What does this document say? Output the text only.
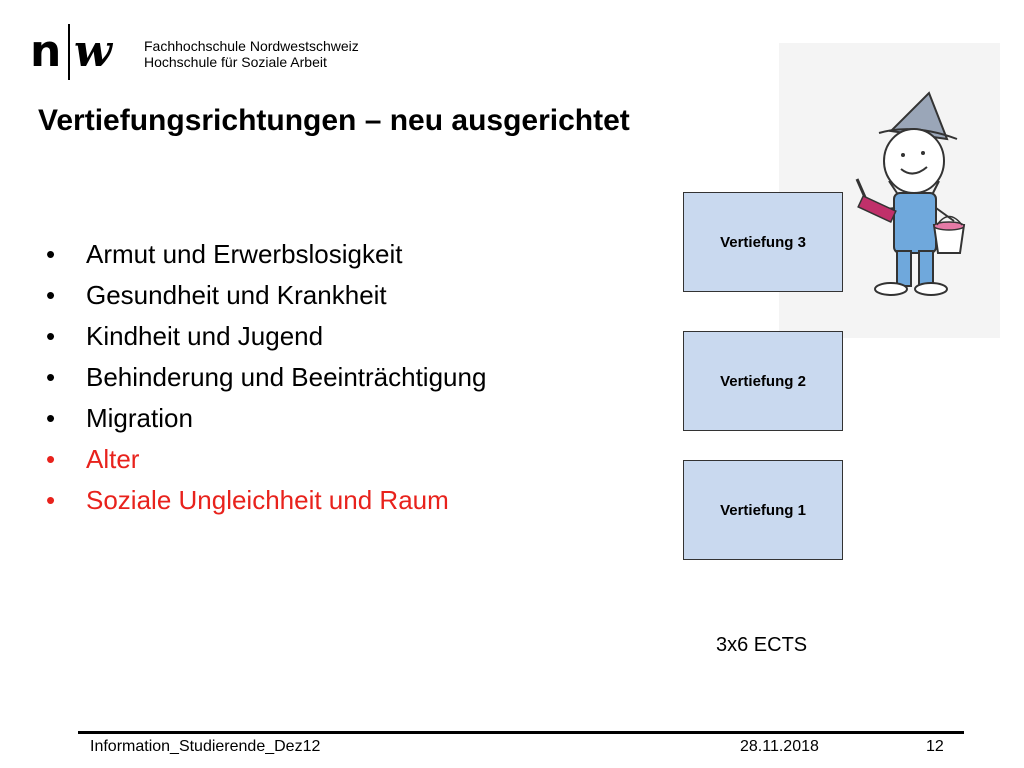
n w Fachhochschule Nordwestschweiz
Hochschule für Soziale Arbeit
Vertiefungsrichtungen – neu ausgerichtet
• Armut und Erwerbslosigkeit
• Gesundheit und Krankheit
• Kindheit und Jugend
• Behinderung und Beeinträchtigung
• Migration
• Alter
• Soziale Ungleichheit und Raum
Vertiefung 3
Vertiefung 2
Vertiefung 1
3x6 ECTS
Information_Studierende_Dez12	28.11.2018	12
